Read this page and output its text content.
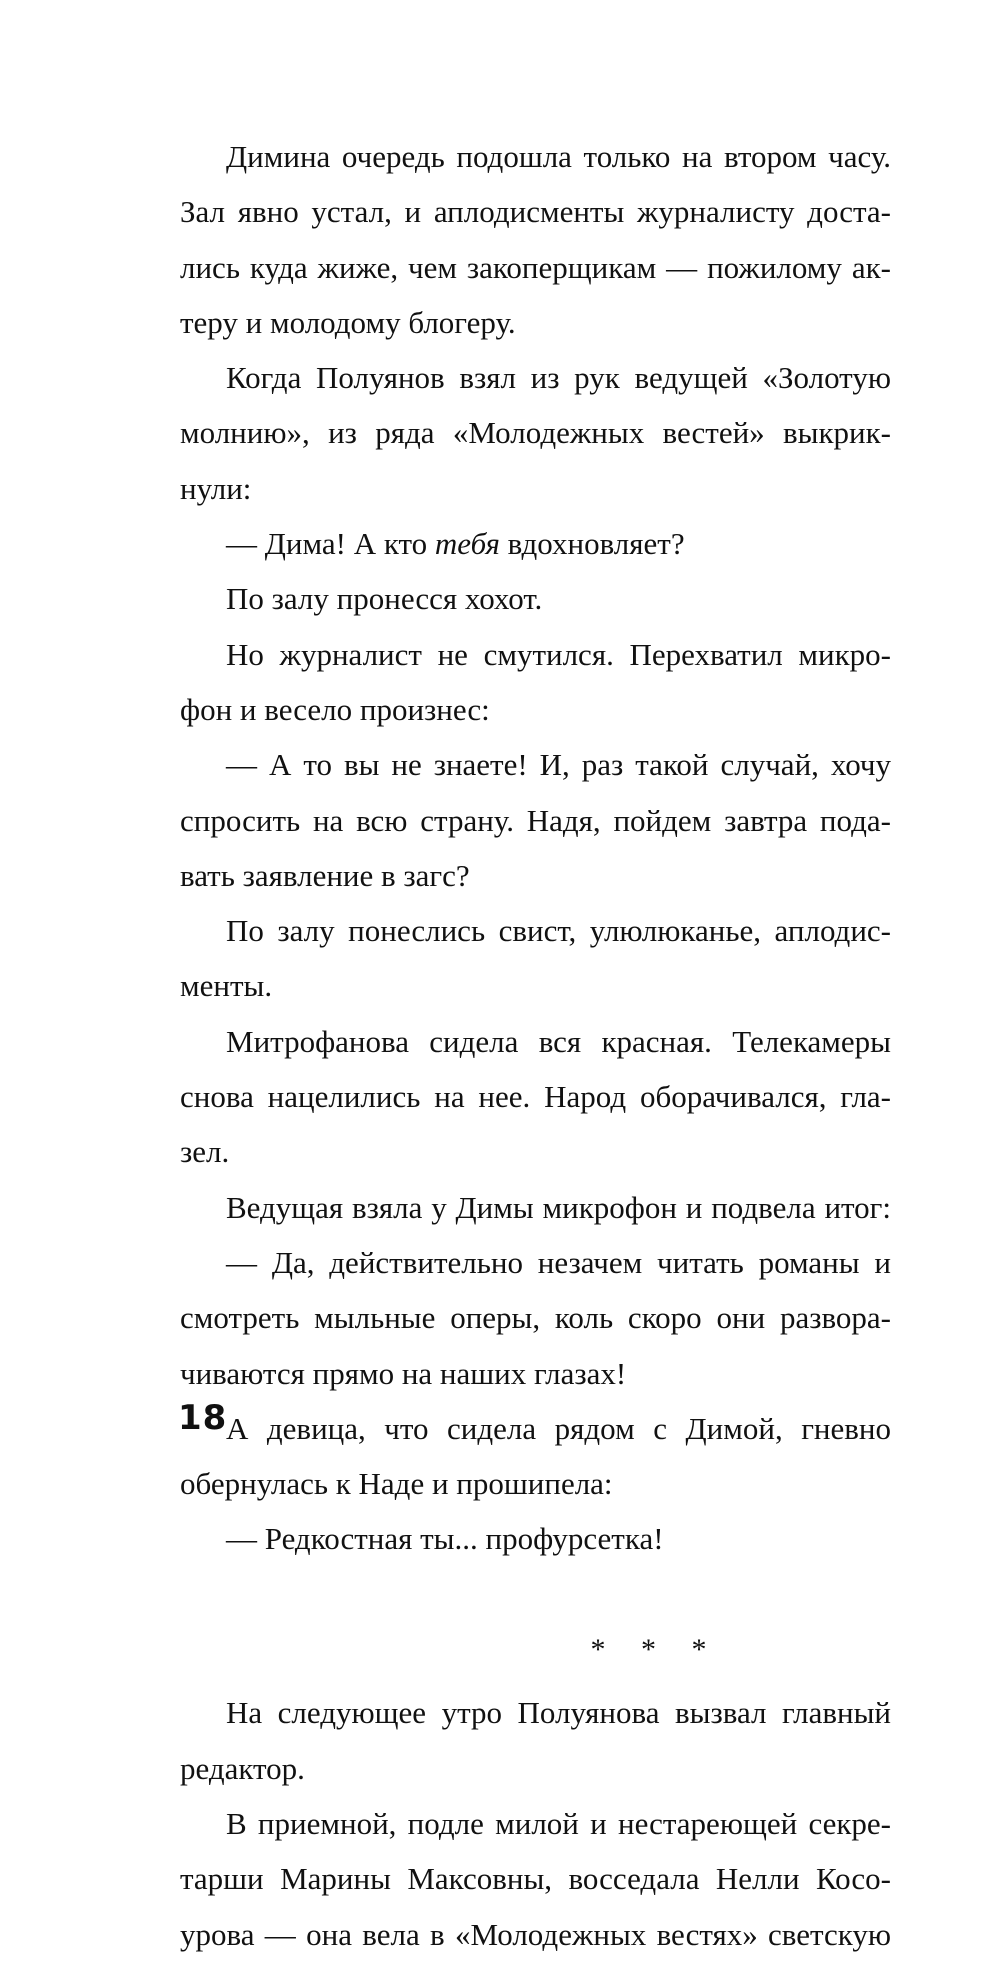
Димина очередь подошла только на втором часу.
Зал явно устал, и аплодисменты журналисту доста-
лись куда жиже, чем закоперщикам — пожилому ак-
теру и молодому блогеру.
Когда Полуянов взял из рук ведущей «Золотую
молнию», из ряда «Молодежных вестей» выкрик-
нули:
— Дима! А кто тебя вдохновляет?
По залу пронесся хохот.
Но журналист не смутился. Перехватил микро-
фон и весело произнес:
— А то вы не знаете! И, раз такой случай, хочу
спросить на всю страну. Надя, пойдем завтра пода-
вать заявление в загс?
По залу понеслись свист, улюлюканье, аплодис-
менты.
Митрофанова сидела вся красная. Телекамеры
снова нацелились на нее. Народ оборачивался, гла-
зел.
Ведущая взяла у Димы микрофон и подвела итог:
— Да, действительно незачем читать романы и
смотреть мыльные оперы, коль скоро они развора-
чиваются прямо на наших глазах!
А девица, что сидела рядом с Димой, гневно
обернулась к Наде и прошипела:
— Редкостная ты... профурсетка!
* * *
На следующее утро Полуянова вызвал главный
редактор.
В приемной, подле милой и нестареющей секре-
тарши Марины Максовны, восседала Нелли Косо-
урова — она вела в «Молодежных вестях» светскую
18
